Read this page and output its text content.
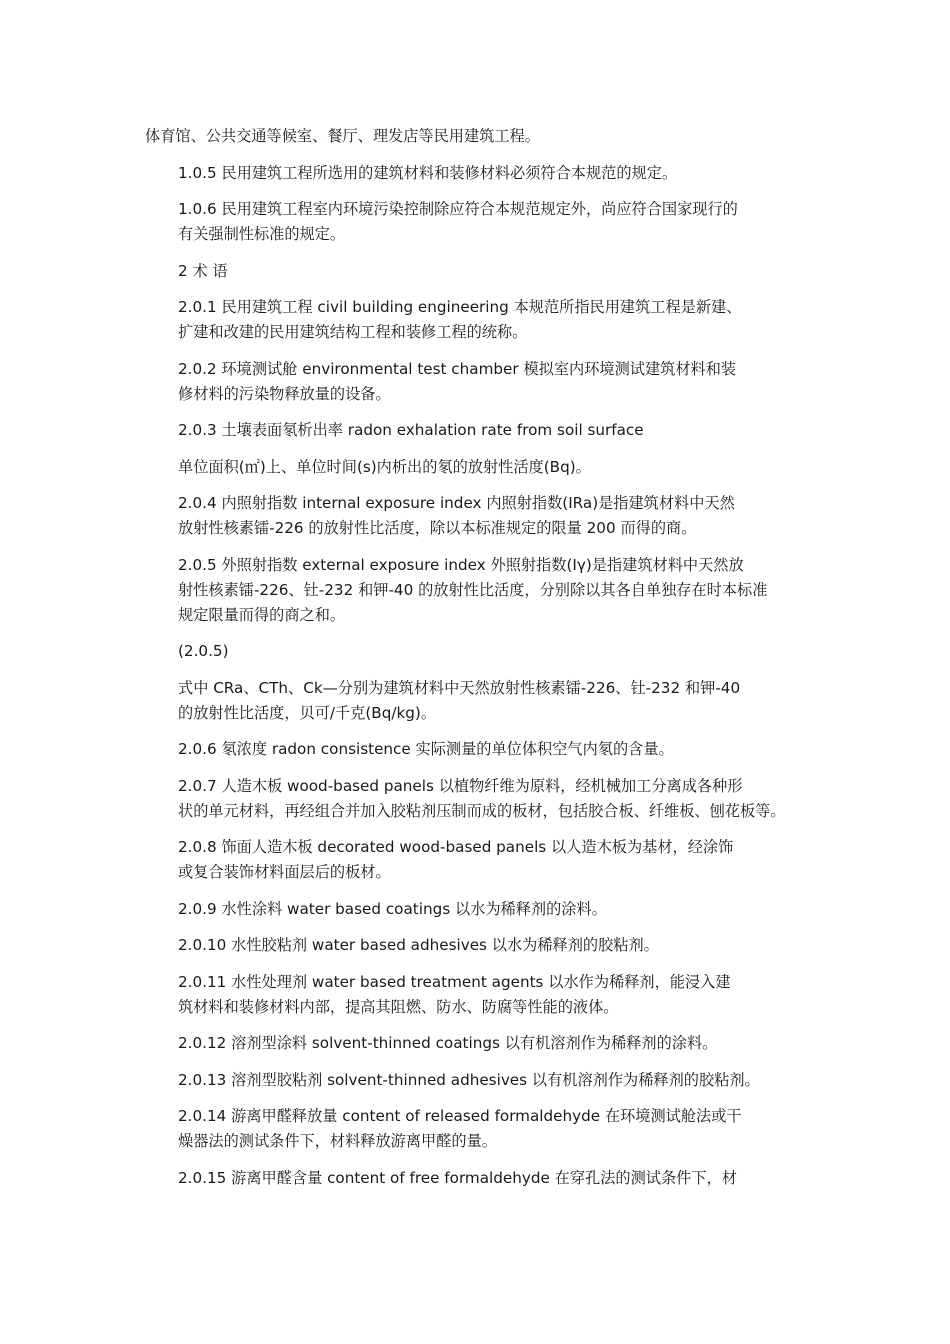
体育馆、公共交通等候室、餐厅、理发店等民用建筑工程。
1.0.5 民用建筑工程所选用的建筑材料和装修材料必须符合本规范的规定。
1.0.6 民用建筑工程室内环境污染控制除应符合本规范规定外，尚应符合国家现行的
有关强制性标准的规定。
2 术 语
2.0.1 民用建筑工程 civil building engineering 本规范所指民用建筑工程是新建、
扩建和改建的民用建筑结构工程和装修工程的统称。
2.0.2 环境测试舱 environmental test chamber 模拟室内环境测试建筑材料和装
修材料的污染物释放量的设备。
2.0.3 土壤表面氡析出率 radon exhalation rate from soil surface
单位面积(㎡)上、单位时间(s)内析出的氡的放射性活度(Bq)。
2.0.4 内照射指数 internal exposure index 内照射指数(IRa)是指建筑材料中天然
放射性核素镭-226 的放射性比活度，除以本标准规定的限量 200 而得的商。
2.0.5 外照射指数 external exposure index 外照射指数(Iγ)是指建筑材料中天然放
射性核素镭-226、钍-232 和钾-40 的放射性比活度，分别除以其各自单独存在时本标准
规定限量而得的商之和。
(2.0.5)
式中 CRa、CTh、Ck—分别为建筑材料中天然放射性核素镭-226、钍-232 和钾-40
的放射性比活度，贝可/千克(Bq/kg)。
2.0.6 氡浓度 radon consistence 实际测量的单位体积空气内氡的含量。
2.0.7 人造木板 wood-based panels 以植物纤维为原料，经机械加工分离成各种形
状的单元材料，再经组合并加入胶粘剂压制而成的板材，包括胶合板、纤维板、刨花板等。
2.0.8 饰面人造木板 decorated wood-based panels 以人造木板为基材，经涂饰
或复合装饰材料面层后的板材。
2.0.9 水性涂料 water based coatings 以水为稀释剂的涂料。
2.0.10 水性胶粘剂 water based adhesives 以水为稀释剂的胶粘剂。
2.0.11 水性处理剂 water based treatment agents 以水作为稀释剂，能浸入建
筑材料和装修材料内部，提高其阻燃、防水、防腐等性能的液体。
2.0.12 溶剂型涂料 solvent-thinned coatings 以有机溶剂作为稀释剂的涂料。
2.0.13 溶剂型胶粘剂 solvent-thinned adhesives 以有机溶剂作为稀释剂的胶粘剂。
2.0.14 游离甲醛释放量 content of released formaldehyde 在环境测试舱法或干
燥器法的测试条件下，材料释放游离甲醛的量。
2.0.15 游离甲醛含量 content of free formaldehyde 在穿孔法的测试条件下，材
